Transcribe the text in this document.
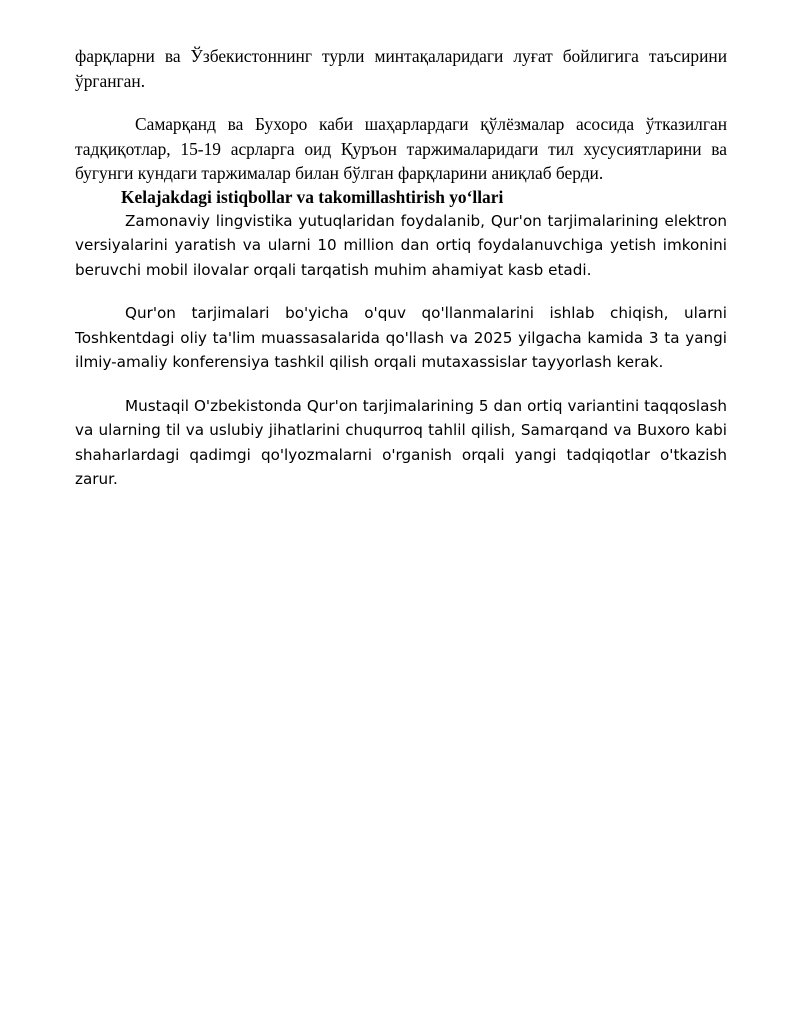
фарқларни ва Ўзбекистоннинг турли минтақаларидаги луғат бойлигига таъсирини ўрганган.

Самарқанд ва Бухоро каби шаҳарлардаги қўлёзмалар асосида ўтказилган тадқиқотлар, 15-19 асрларга оид Қуръон таржималаридаги тил хусусиятларини ва бугунги кундаги таржималар билан бўлган фарқларини аниқлаб берди.

Kelajakdagi istiqbollar va takomillashtirish yo‘llari

Zamonaviy lingvistika yutuqlaridan foydalanib, Qur'on tarjimalarining elektron versiyalarini yaratish va ularni 10 million dan ortiq foydalanuvchiga yetish imkonini beruvchi mobil ilovalar orqali tarqatish muhim ahamiyat kasb etadi.

Qur'on tarjimalari bo'yicha o'quv qo'llanmalarini ishlab chiqish, ularni Toshkentdagi oliy ta'lim muassasalarida qo'llash va 2025 yilgacha kamida 3 ta yangi ilmiy-amaliy konferensiya tashkil qilish orqali mutaxassislar tayyorlash kerak.

Mustaqil O'zbekistonda Qur'on tarjimalarining 5 dan ortiq variantini taqqoslash va ularning til va uslubiy jihatlarini chuqurroq tahlil qilish, Samarqand va Buxoro kabi shaharlardagi qadimgi qo'lyozmalarni o'rganish orqali yangi tadqiqotlar o'tkazish zarur.
